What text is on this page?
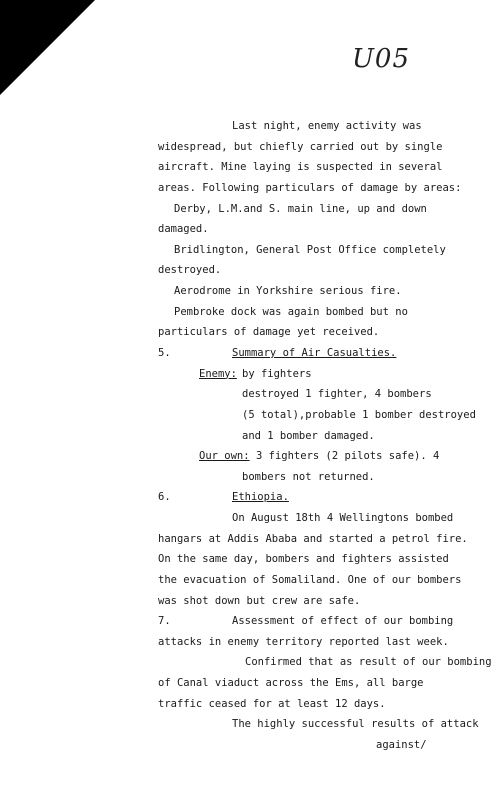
U05
Last night, enemy activity was
widespread, but chiefly carried out by single
aircraft. Mine laying is suspected in several
areas. Following particulars of damage by areas:
Derby, L.M.and S. main line, up and down
damaged.
Bridlington, General Post Office completely
destroyed.
Aerodrome in Yorkshire serious fire.
Pembroke dock was again bombed but no
particulars of damage yet received.
5.	Summary of Air Casualties.
Enemy: by fighters
destroyed 1 fighter, 4 bombers
(5 total),probable 1 bomber destroyed
and 1 bomber damaged.
Our own: 3 fighters (2 pilots safe). 4
bombers not returned.
6.	Ethiopia.
On August 18th 4 Wellingtons bombed
hangars at Addis Ababa and started a petrol fire.
On the same day, bombers and fighters assisted
the evacuation of Somaliland. One of our bombers
was shot down but crew are safe.
7.	Assessment of effect of our bombing
attacks in enemy territory reported last week.
Confirmed that as result of our bombing
of Canal viaduct across the Ems, all barge
traffic ceased for at least 12 days.
The highly successful results of attack
against/
